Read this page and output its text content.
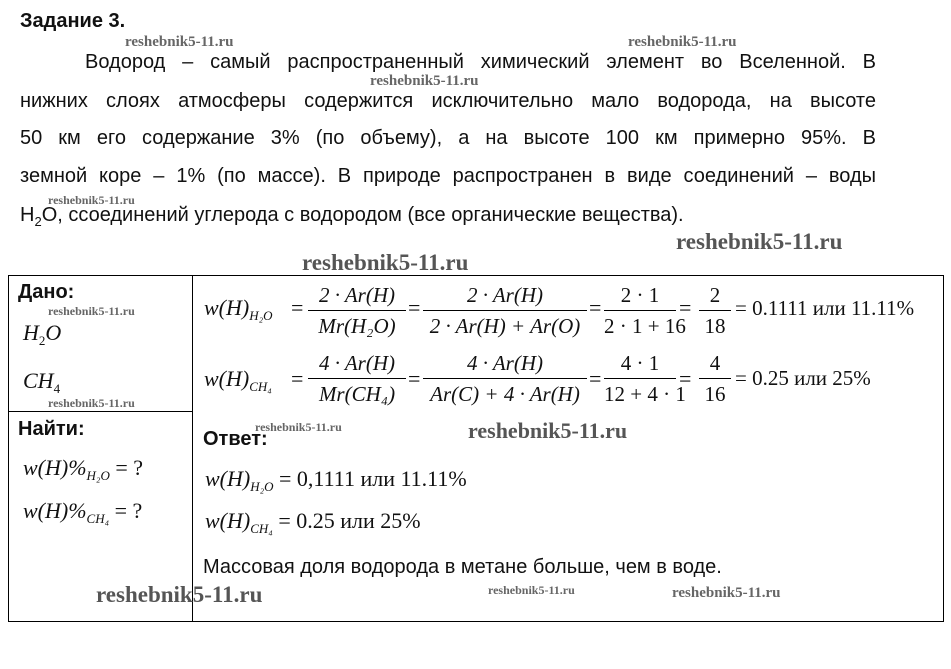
Задание 3.
Водород – самый распространенный химический элемент во Вселенной. В
нижних слоях атмосферы содержится исключительно мало водорода, на высоте
50 км его содержание 3% (по объему), а на высоте 100 км примерно 95%. В
земной коре – 1% (по массе). В природе распространен в виде соединений – воды
$H_2O$, ссоединений углерода с водородом (все органические вещества).
reshebnik5-11.ru	reshebnik5-11.ru
reshebnik5-11.ru
reshebnik5-11.ru
reshebnik5-11.ru
reshebnik5-11.ru
Дано:
reshebnik5-11.ru
$H_2O$
$CH_4$
reshebnik5-11.ru
Найти:
$w(H)\%_{H_2O}$ = ?
$w(H)\%_{CH_4}$ = ?
$w(H)_{H_2O} = 2 \cdot Ar(H)$
Mr(H₂O)
=	2 · Ar(H)
2 · Ar(H) + Ar(O)
= 2 · 1
2 · 1 + 16
= 2
18
= 0.1111 или 11.11%
$w(H)_{CH_4}$ =
4 · Ar(H)
Mr(CH₄)
=
4 · Ar(H)
Ar(C) + 4 · Ar(H)
=
4 · 1
12 + 4 · 1
=
4
16
= 0.25 или 25%
reshebnik5-11.ru
Ответ:	reshebnik5-11.ru
$w(H)_{H_2O} = 0,1111$ или 11.11%
$w(H)_{CH_4} = 0.25$ или 25%
Массовая доля водорода в метане больше, чем в воде.
reshebnik5-11.ru	reshebnik5-11.ru	reshebnik5-11.ru
